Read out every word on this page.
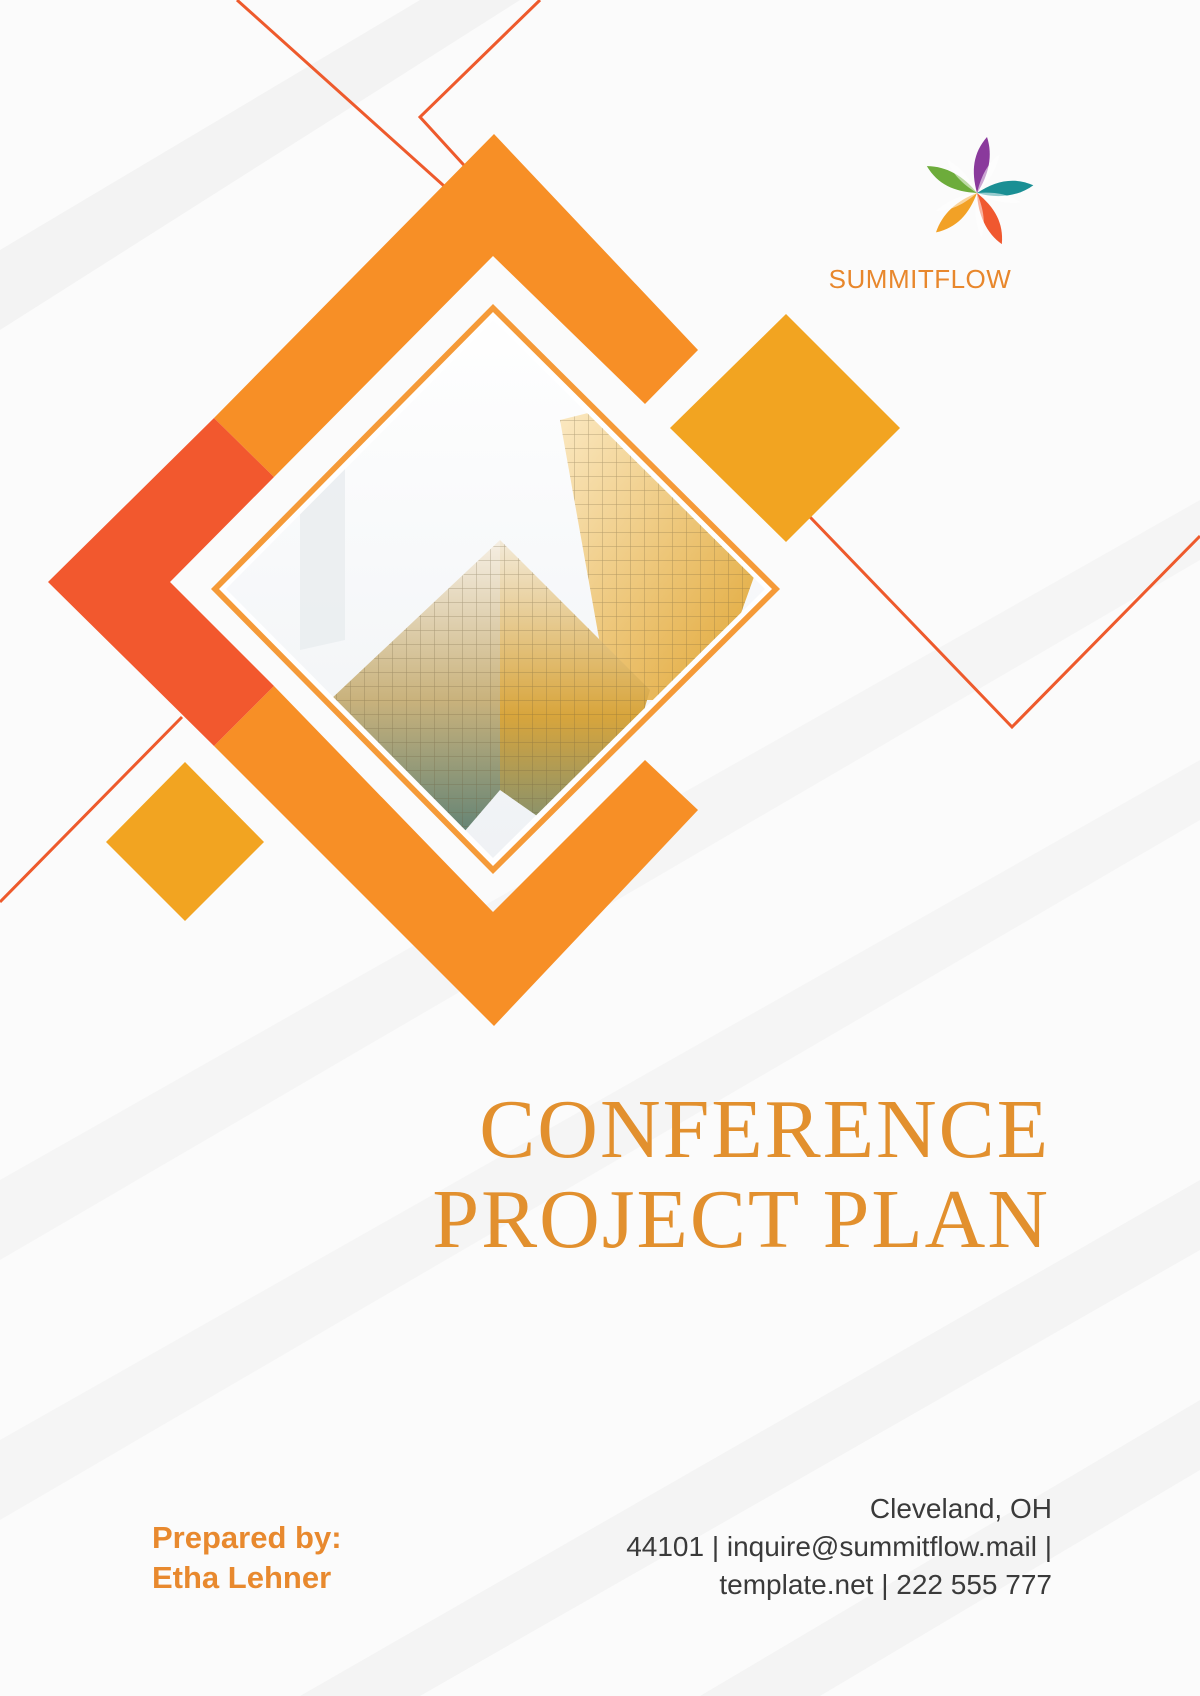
SUMMITFLOW
CONFERENCE
PROJECT PLAN
Prepared by:
Etha Lehner
Cleveland, OH
44101 | inquire@summitflow.mail |
template.net | 222 555 777
